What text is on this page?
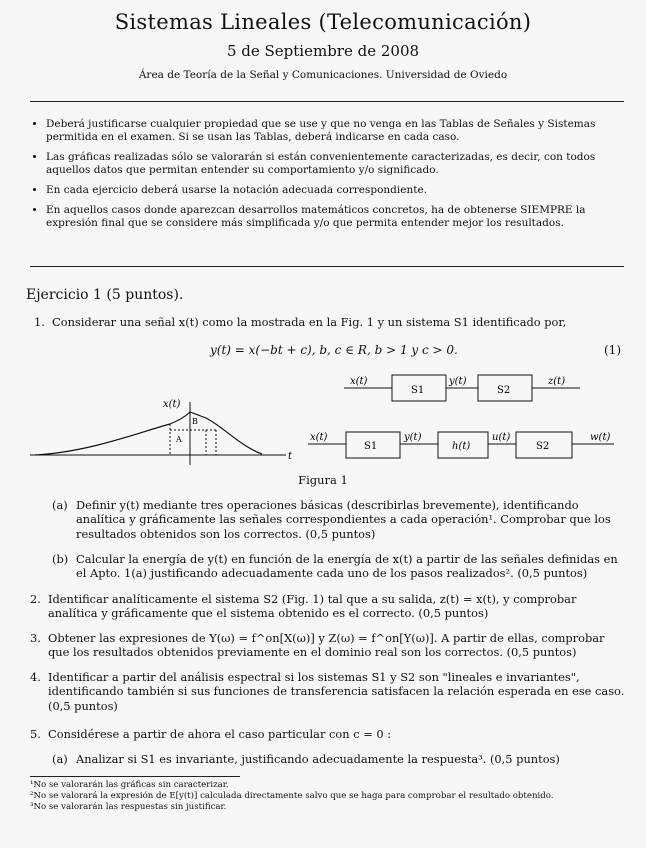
Sistemas Lineales (Telecomunicación)
5 de Septiembre de 2008
Área de Teoría de la Señal y Comunicaciones. Universidad de Oviedo
• Deberá justificarse cualquier propiedad que se use y que no venga en las Tablas de Señales y Sistemas permitida en el examen. Si se usan las Tablas, deberá indicarse en cada caso.
• Las gráficas realizadas sólo se valorarán si están convenientemente caracterizadas, es decir, con todos aquellos datos que permitan entender su comportamiento y/o significado.
• En cada ejercicio deberá usarse la notación adecuada correspondiente.
• En aquellos casos donde aparezcan desarrollos matemáticos concretos, ha de obtenerse SIEMPRE la expresión final que se considere más simplificada y/o que permita entender mejor los resultados.
Ejercicio 1 (5 puntos).
1. Considerar una señal x(t) como la mostrada en la Fig. 1 y un sistema S1 identificado por,
y(t) = x(−bt + c), b, c ∈ R, b > 1 y c > 0.	(1)
A
B
x(t)
t
x(t)
S1
y(t)
S2
z(t)
x(t)
S1
y(t)
h(t)
u(t)
S2
w(t)
Figura 1
(a) Definir y(t) mediante tres operaciones básicas (describirlas brevemente), identificando analítica y gráficamente las señales correspondientes a cada operación¹. Comprobar que los resultados obtenidos son los correctos. (0,5 puntos)
(b) Calcular la energía de y(t) en función de la energía de x(t) a partir de las señales definidas en el Apto. 1(a) justificando adecuadamente cada uno de los pasos realizados². (0,5 puntos)
2. Identificar analíticamente el sistema S2 (Fig. 1) tal que a su salida, z(t) = x(t), y comprobar analítica y gráficamente que el sistema obtenido es el correcto. (0,5 puntos)
3. Obtener las expresiones de Y(ω) = f^on[X(ω)] y Z(ω) = f^on[Y(ω)]. A partir de ellas, comprobar que los resultados obtenidos previamente en el dominio real son los correctos. (0,5 puntos)
4. Identificar a partir del análisis espectral si los sistemas S1 y S2 son "lineales e invariantes", identificando también si sus funciones de transferencia satisfacen la relación esperada en ese caso. (0,5 puntos)
5. Considérese a partir de ahora el caso particular con c = 0 :
(a) Analizar si S1 es invariante, justificando adecuadamente la respuesta³. (0,5 puntos)
¹No se valorarán las gráficas sin caracterizar.
²No se valorará la expresión de E[y(t)] calculada directamente salvo que se haga para comprobar el resultado obtenido.
³No se valorarán las respuestas sin justificar.
